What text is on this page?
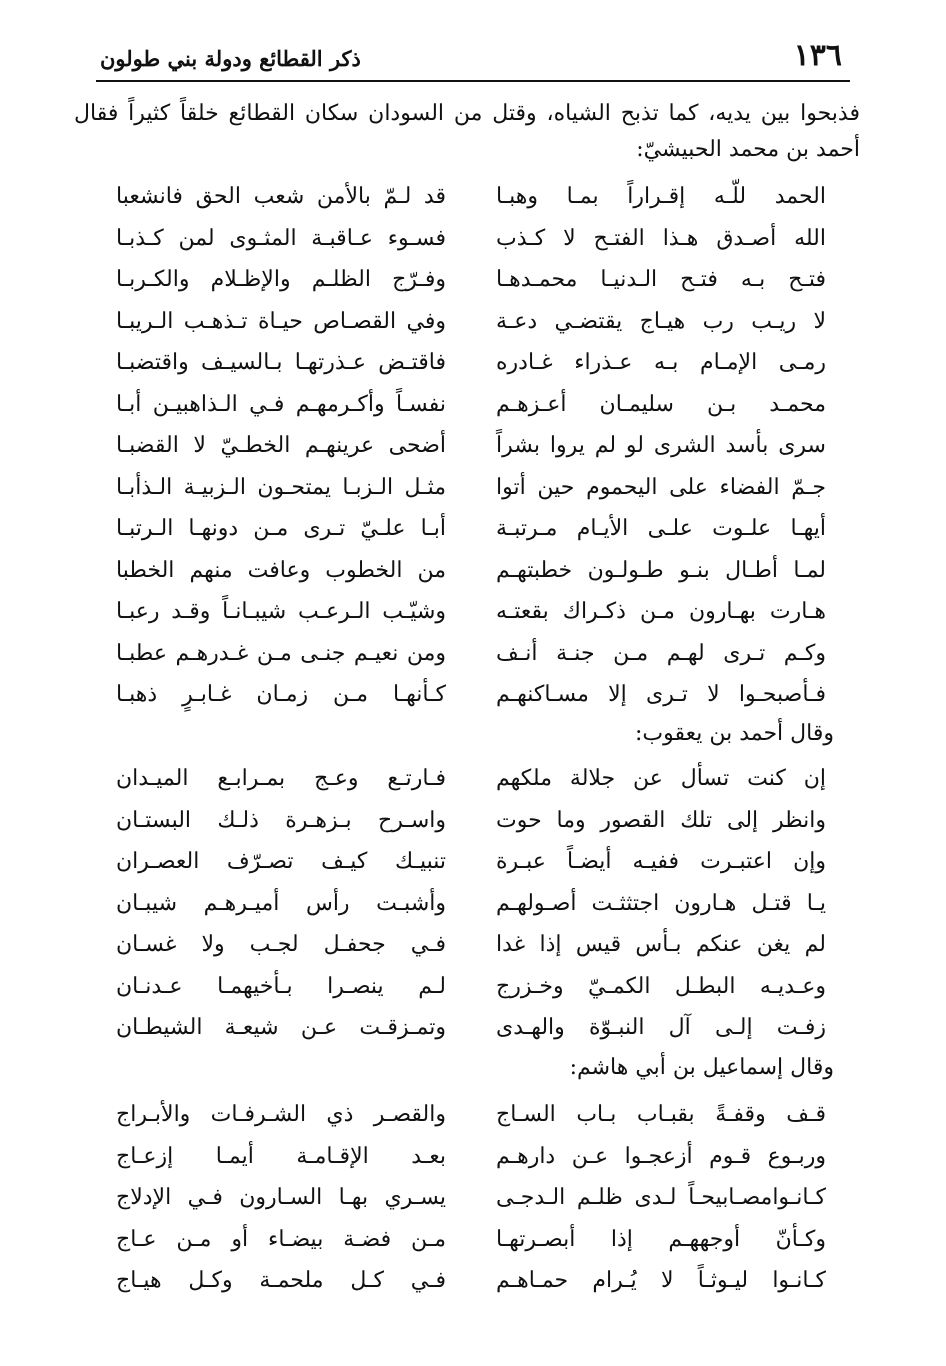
١٣٦
ذكر القطائع ودولة بني طولون
فذبحوا بين يديه، كما تذبح الشياه، وقتل من السودان سكان القطائع خلقاً كثيراً فقال أحمد بن محمد الحبيشيّ:
الحمد للّـه إقـراراً بمـا وهبـا
قد لـمّ بالأمن شعب الحق فانشعبا
الله أصـدق هـذا الفتـح لا كـذب
فسـوء عـاقبـة المثـوى لمن كـذبـا
فتـح بـه فتـح الـدنيـا محمـدهـا
وفـرّج الظلـم والإظـلام والكـربـا
لا ريـب رب هيـاج يقتضـي دعـة
وفي القصـاص حيـاة تـذهـب الـريبـا
رمـى الإمـام بـه عـذراء غـادره
فاقتـض عـذرتهـا بـالسيـف واقتضبـا
محمـد بـن سليمـان أعـزهـم
نفسـاً وأكـرمهـم فـي الـذاهبيـن أبـا
سرى بأسد الشرى لو لم يروا بشراً
أضحى عرينهـم الخطـيّ لا القضبـا
جـمّ الفضاء على اليحموم حين أتوا
مثـل الـزبـا يمتحـون الـزبيـة الـذأبـا
أيهـا علـوت علـى الأيـام مـرتبـة
أبـا علـيّ تـرى مـن دونهـا الـرتبـا
لمـا أطـال بنـو طـولـون خطبتهـم
من الخطوب وعافت منهم الخطبا
هـارت بهـارون مـن ذكـراك بقعتـه
وشيّـب الـرعـب شيبـانـاً وقـد رعبـا
وكـم تـرى لهـم مـن جنـة أنـف
ومن نعيـم جنـى مـن غـدرهـم عطبـا
فـأصبحـوا لا تـرى إلا مسـاكنهـم
كـأنهـا مـن زمـان غـابـرٍ ذهبـا
وقال أحمد بن يعقوب:
إن كنت تسأل عن جلالة ملكهم
فـارتـع وعـج بمـرابـع الميـدان
وانظر إلى تلك القصور وما حوت
واسـرح بـزهـرة ذلـك البستـان
وإن اعتبـرت ففيـه أيضـاً عبـرة
تنبيـك كيـف تصـرّف العصـران
يـا قتـل هـارون اجتثثـت أصـولهـم
وأشبـت رأس أميـرهـم شيبـان
لم يغن عنكم بـأس قيس إذا غدا
فـي جحفـل لجـب ولا غسـان
وعـديـه البطـل الكمـيّ وخـزرج
لـم ينصـرا بـأخيهمـا عـدنـان
زفـت إلـى آل النبـوّة والهـدى
وتمـزقـت عـن شيعـة الشيطـان
وقال إسماعيل بن أبي هاشم:
قـف وقفـةً بقبـاب بـاب السـاج
والقصـر ذي الشـرفـات والأبـراج
وربـوع قـوم أزعجـوا عـن دارهـم
بعـد الإقـامـة أيمـا إزعـاج
كـانـوامصـابيحـاً لـدى ظلـم الـدجـى
يسـري بهـا السـارون فـي الإدلاج
وكـأنّ أوجههـم إذا أبصـرتهـا
مـن فضـة بيضـاء أو مـن عـاج
كـانـوا ليـوثـاً لا يُـرام حمـاهـم
فـي كـل ملحمـة وكـل هيـاج
